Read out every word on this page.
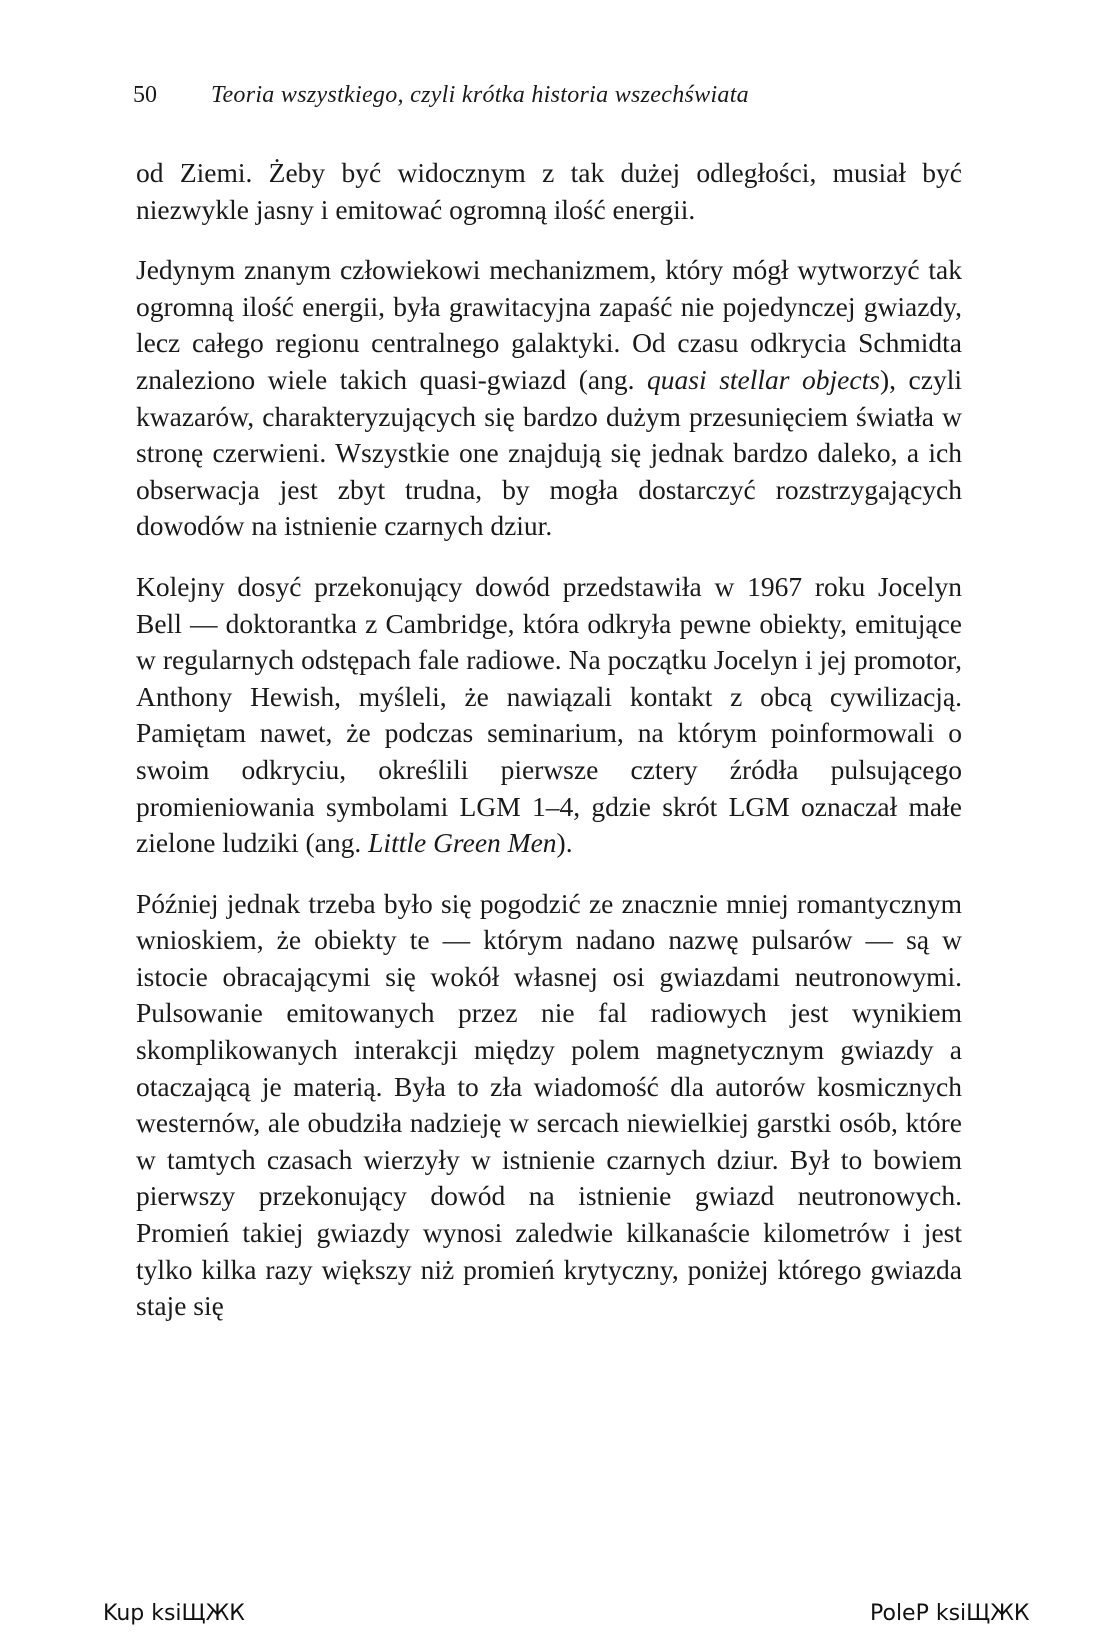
50 Teoria wszystkiego, czyli krótka historia wszechświata

od Ziemi. Żeby być widocznym z tak dużej odległości, musiał być niezwykle jasny i emitować ogromną ilość energii.

Jedynym znanym człowiekowi mechanizmem, który mógł wytworzyć tak ogromną ilość energii, była grawitacyjna zapaść nie pojedynczej gwiazdy, lecz całego regionu centralnego galaktyki. Od czasu odkrycia Schmidta znaleziono wiele takich quasi-gwiazd (ang. quasi stellar objects), czyli kwazarów, charakteryzujących się bardzo dużym przesunięciem światła w stronę czerwieni. Wszystkie one znajdują się jednak bardzo daleko, a ich obserwacja jest zbyt trudna, by mogła dostarczyć rozstrzygających dowodów na istnienie czarnych dziur.

Kolejny dosyć przekonujący dowód przedstawiła w 1967 roku Jocelyn Bell — doktorantka z Cambridge, która odkryła pewne obiekty, emitujące w regularnych odstępach fale radiowe. Na początku Jocelyn i jej promotor, Anthony Hewish, myśleli, że nawiązali kontakt z obcą cywilizacją. Pamiętam nawet, że podczas seminarium, na którym poinformowali o swoim odkryciu, określili pierwsze cztery źródła pulsującego promieniowania symbolami LGM 1–4, gdzie skrót LGM oznaczał małe zielone ludziki (ang. Little Green Men).

Później jednak trzeba było się pogodzić ze znacznie mniej romantycznym wnioskiem, że obiekty te — którym nadano nazwę pulsarów — są w istocie obracającymi się wokół własnej osi gwiazdami neutronowymi. Pulsowanie emitowanych przez nie fal radiowych jest wynikiem skomplikowanych interakcji między polem magnetycznym gwiazdy a otaczającą je materią. Była to zła wiadomość dla autorów kosmicznych westernów, ale obudziła nadzieję w sercach niewielkiej garstki osób, które w tamtych czasach wierzyły w istnienie czarnych dziur. Był to bowiem pierwszy przekonujący dowód na istnienie gwiazd neutronowych. Promień takiej gwiazdy wynosi zaledwie kilkanaście kilometrów i jest tylko kilka razy większy niż promień krytyczny, poniżej którego gwiazda staje się

Kup ksiЩЖК	PoleР ksiЩЖК
